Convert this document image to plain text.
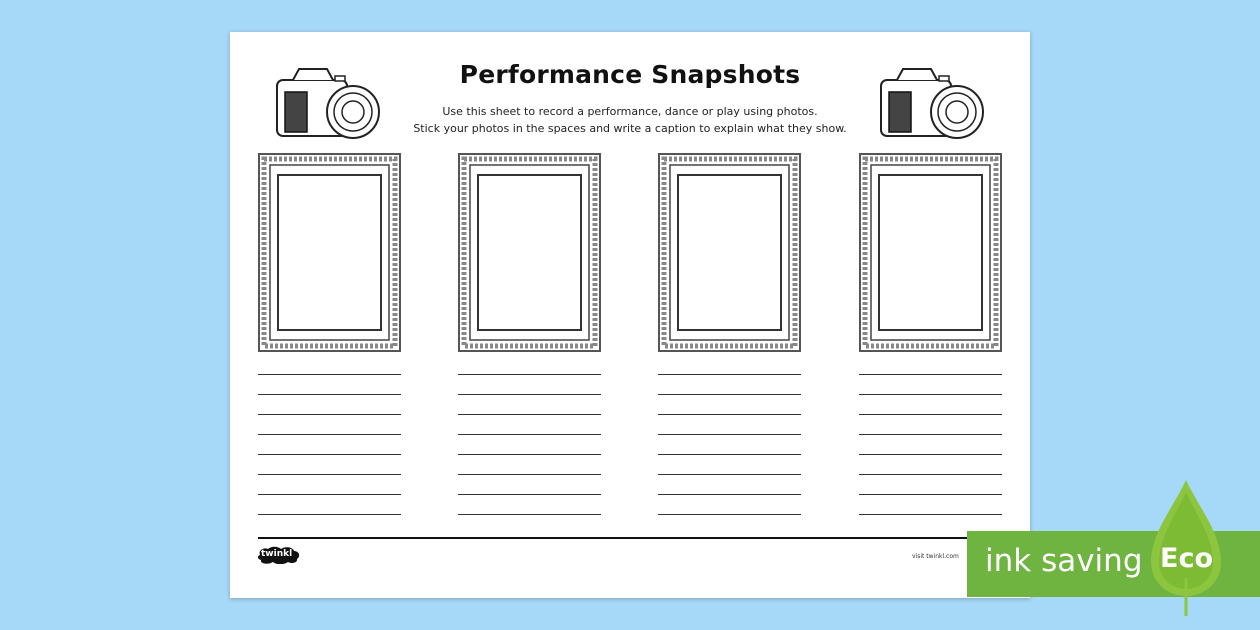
Performance Snapshots
Use this sheet to record a performance, dance or play using photos.
Stick your photos in the spaces and write a caption to explain what they show.
twinkl	visit twinkl.com ink saving Eco
